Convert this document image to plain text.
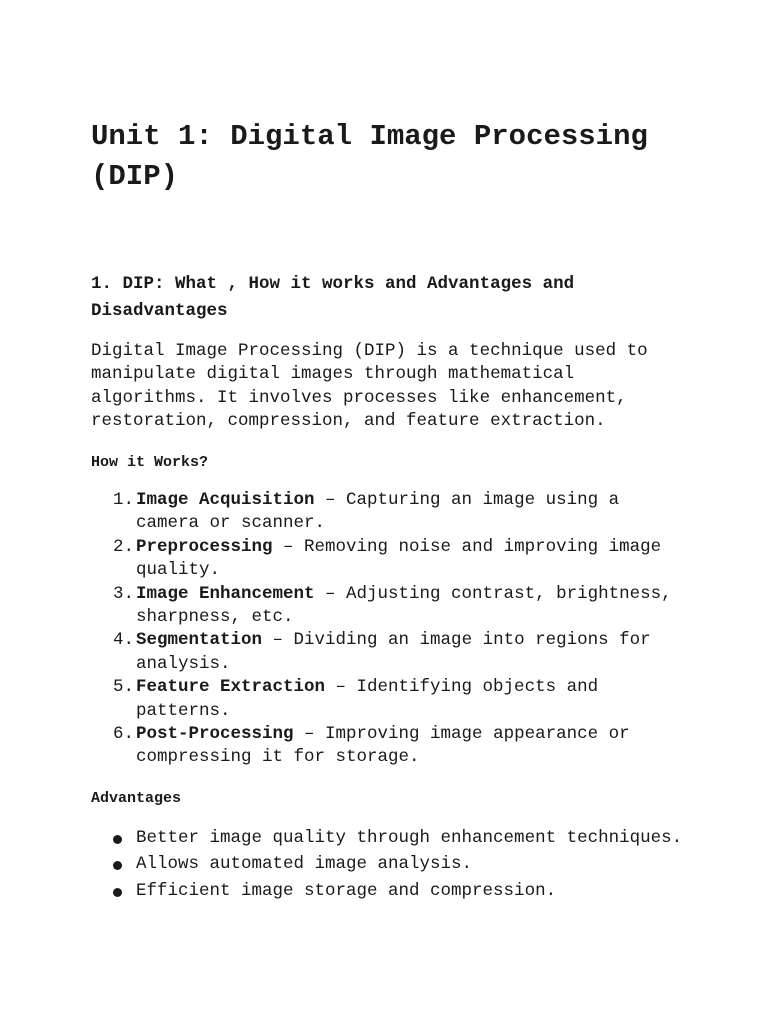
Unit 1: Digital Image Processing (DIP)
1. DIP: What , How it works and Advantages and Disadvantages

Digital Image Processing (DIP) is a technique used to manipulate digital images through mathematical algorithms. It involves processes like enhancement, restoration, compression, and feature extraction.

How it Works?
1. Image Acquisition – Capturing an image using a camera or scanner.
2. Preprocessing – Removing noise and improving image quality.
3. Image Enhancement – Adjusting contrast, brightness, sharpness, etc.
4. Segmentation – Dividing an image into regions for analysis.
5. Feature Extraction – Identifying objects and patterns.
6. Post-Processing – Improving image appearance or compressing it for storage.
Advantages
Better image quality through enhancement techniques.
Allows automated image analysis.
Efficient image storage and compression.
